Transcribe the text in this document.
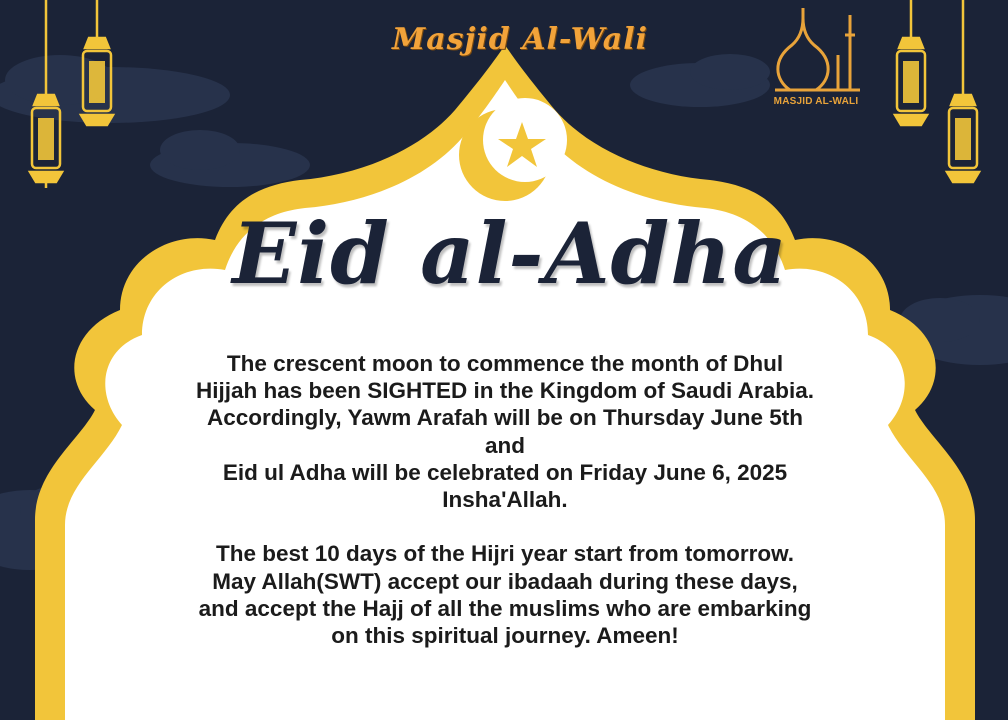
Masjid Al-Wali
MASJID AL-WALI
Eid al-Adha

The crescent moon to commence the month of Dhul

Hijjah has been SIGHTED in the Kingdom of Saudi Arabia.

Accordingly, Yawm Arafah will be on Thursday June 5th

and

Eid ul Adha will be celebrated on Friday June 6, 2025

Insha'Allah.

The best 10 days of the Hijri year start from tomorrow.

May Allah(SWT) accept our ibadaah during these days,

and accept the Hajj of all the muslims who are embarking

on this spiritual journey. Ameen!
